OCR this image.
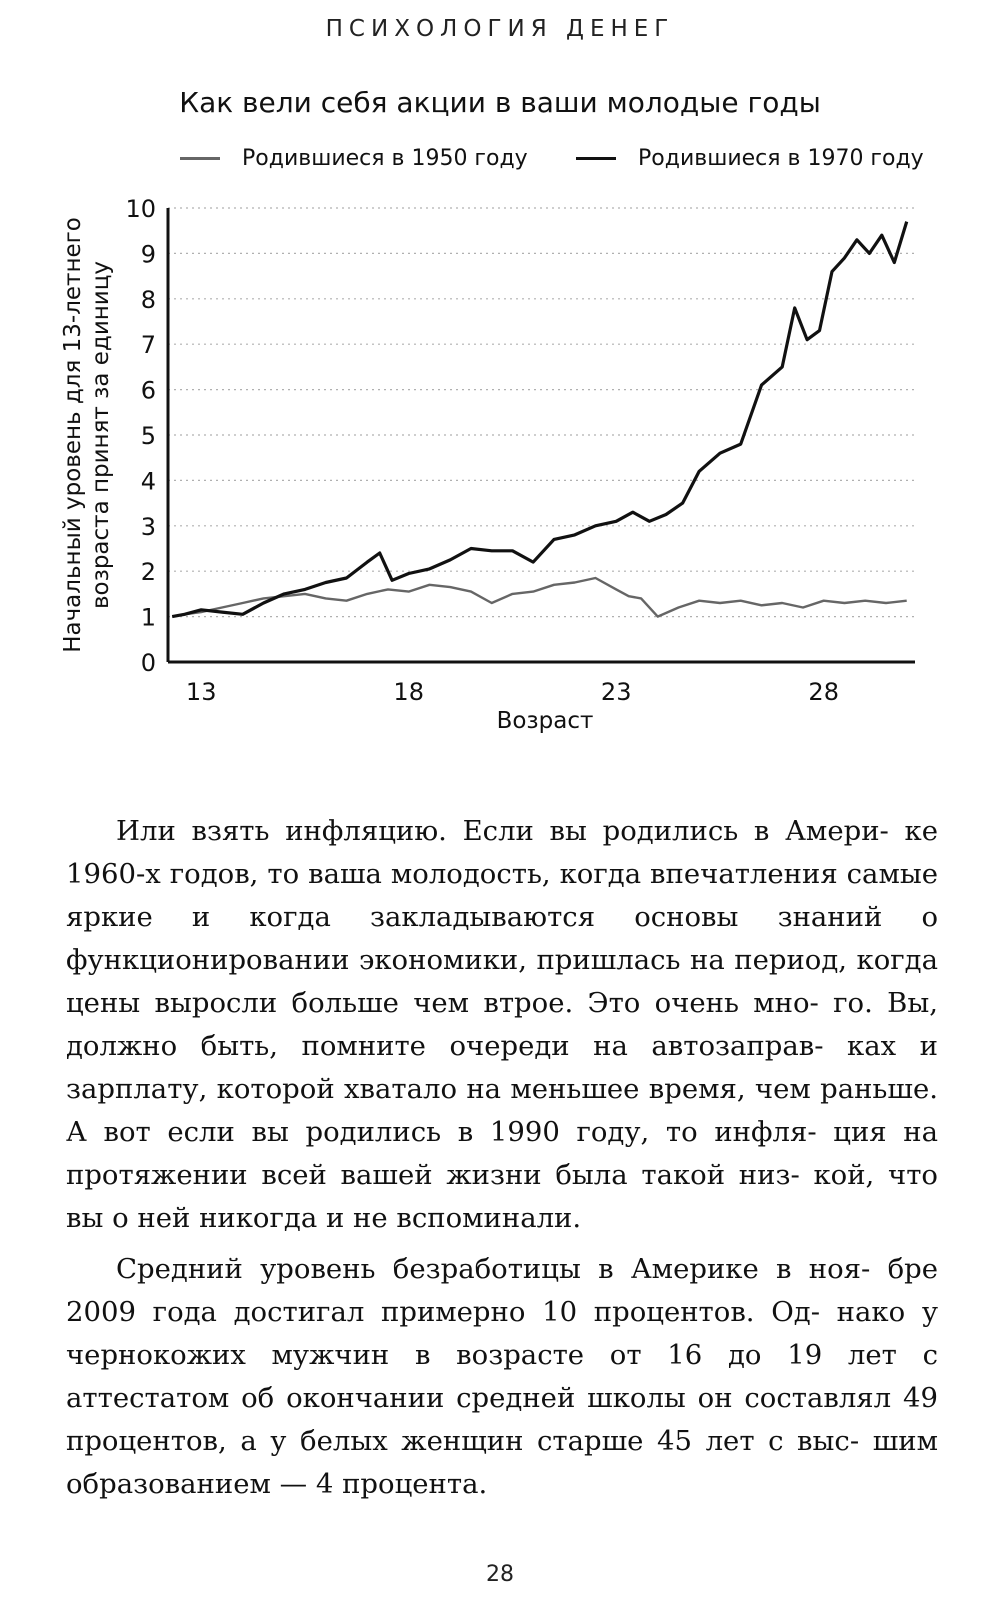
ПСИХОЛОГИЯ ДЕНЕГ
Как вели себя акции в ваши молодые годы
Родившиеся в 1950 году	Родившиеся в 1970 году
0
1
2
3
4
5
6
7
8
9
10
13	18	23	28
Возраст
Начальный уровень для 13-летнего возраста принят за единицу

Или взять инфляцию. Если вы родились в Амери- ке 1960-х годов, то ваша молодость, когда впечатления самые яркие и когда закладываются основы знаний о функционировании экономики, пришлась на период, когда цены выросли больше чем втрое. Это очень мно- го. Вы, должно быть, помните очереди на автозаправ- ках и зарплату, которой хватало на меньшее время, чем раньше. А вот если вы родились в 1990 году, то инфля- ция на протяжении всей вашей жизни была такой низ- кой, что вы о ней никогда и не вспоминали.

Средний уровень безработицы в Америке в ноя- бре 2009 года достигал примерно 10 процентов. Од- нако у чернокожих мужчин в возрасте от 16 до 19 лет с аттестатом об окончании средней школы он составлял 49 процентов, а у белых женщин старше 45 лет с выс- шим образованием — 4 процента.

28
